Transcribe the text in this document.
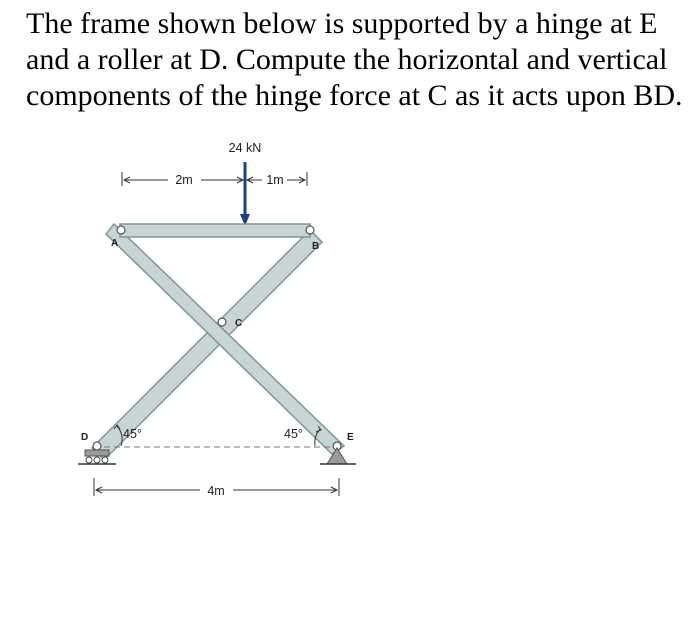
The frame shown below is supported by a hinge at E and a roller at D. Compute the horizontal and vertical components of the hinge force at C as it acts upon BD.

2m	1m
24 kN
A	B
C
D	E
45°	45°
4m
